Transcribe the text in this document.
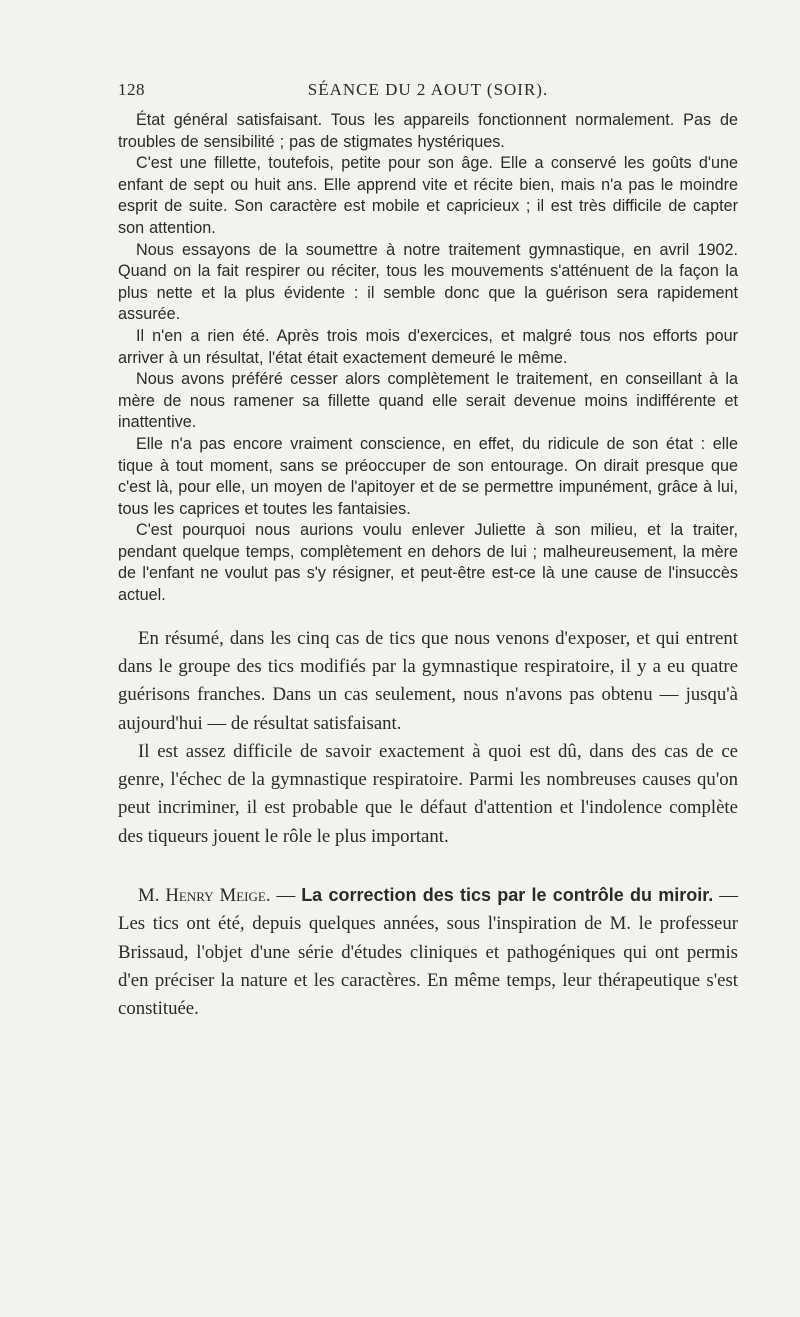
128	SÉANCE DU 2 AOUT (SOIR).

État général satisfaisant. Tous les appareils fonctionnent normalement. Pas de troubles de sensibilité ; pas de stigmates hystériques.

C'est une fillette, toutefois, petite pour son âge. Elle a conservé les goûts d'une enfant de sept ou huit ans. Elle apprend vite et récite bien, mais n'a pas le moindre esprit de suite. Son caractère est mobile et capricieux ; il est très difficile de capter son attention.

Nous essayons de la soumettre à notre traitement gymnastique, en avril 1902. Quand on la fait respirer ou réciter, tous les mouvements s'atténuent de la façon la plus nette et la plus évidente : il semble donc que la guérison sera rapidement assurée.

Il n'en a rien été. Après trois mois d'exercices, et malgré tous nos efforts pour arriver à un résultat, l'état était exactement demeuré le même.

Nous avons préféré cesser alors complètement le traitement, en conseillant à la mère de nous ramener sa fillette quand elle serait devenue moins indifférente et inattentive.

Elle n'a pas encore vraiment conscience, en effet, du ridicule de son état : elle tique à tout moment, sans se préoccuper de son entourage. On dirait presque que c'est là, pour elle, un moyen de l'apitoyer et de se permettre impunément, grâce à lui, tous les caprices et toutes les fantaisies.

C'est pourquoi nous aurions voulu enlever Juliette à son milieu, et la traiter, pendant quelque temps, complètement en dehors de lui ; malheureusement, la mère de l'enfant ne voulut pas s'y résigner, et peut-être est-ce là une cause de l'insuccès actuel.

En résumé, dans les cinq cas de tics que nous venons d'exposer, et qui entrent dans le groupe des tics modifiés par la gymnastique respiratoire, il y a eu quatre guérisons franches. Dans un cas seulement, nous n'avons pas obtenu — jusqu'à aujourd'hui — de résultat satisfaisant.

Il est assez difficile de savoir exactement à quoi est dû, dans des cas de ce genre, l'échec de la gymnastique respiratoire. Parmi les nombreuses causes qu'on peut incriminer, il est probable que le défaut d'attention et l'indolence complète des tiqueurs jouent le rôle le plus important.

M. Henry Meige. — La correction des tics par le contrôle du miroir. — Les tics ont été, depuis quelques années, sous l'inspiration de M. le professeur Brissaud, l'objet d'une série d'études cliniques et pathogéniques qui ont permis d'en préciser la nature et les caractères. En même temps, leur thérapeutique s'est constituée.
